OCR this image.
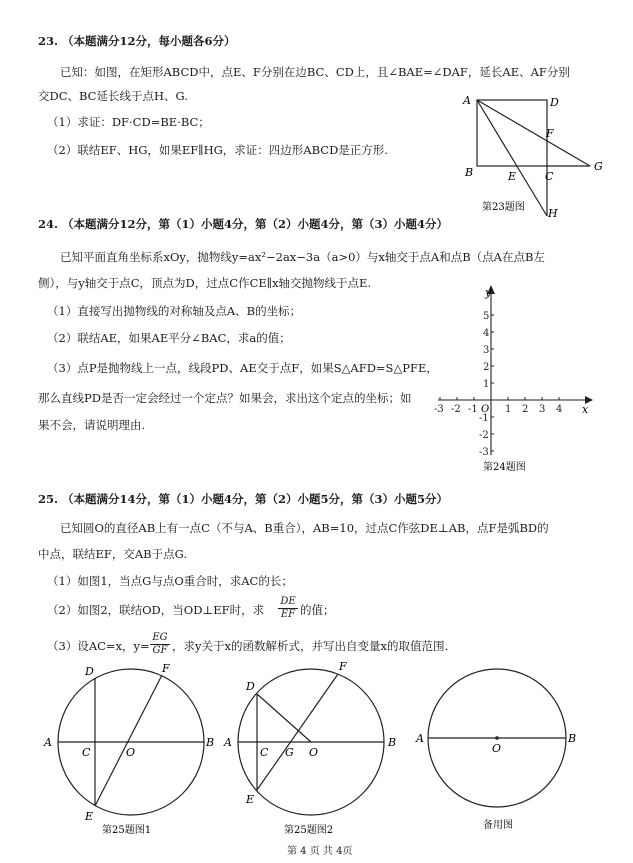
23. （本题满分12分，每小题各6分）
已知：如图，在矩形ABCD中，点E、F分别在边BC、CD上，且∠BAE=∠DAF，延长AE、AF分别
交DC、BC延长线于点H、G.
（1）求证：DF·CD=BE·BC；
（2）联结EF、HG，如果EF∥HG，求证：四边形ABCD是正方形.
A	D
F
G
B	E	C
H
第23题图
24. （本题满分12分，第（1）小题4分，第（2）小题4分，第（3）小题4分）
已知平面直角坐标系xOy，抛物线y=ax²−2ax−3a（a>0）与x轴交于点A和点B（点A在点B左
侧），与y轴交于点C，顶点为D，过点C作CE∥x轴交抛物线于点E.
（1）直接写出抛物线的对称轴及点A、B的坐标；
（2）联结AE，如果AE平分∠BAC，求a的值；
（3）点P是抛物线上一点，线段PD、AE交于点F，如果S△AFD=S△PFE，
那么直线PD是否一定会经过一个定点？如果会，求出这个定点的坐标；如
果不会，请说明理由.
-3 -2 -1	1 2 3 4
5
4
3
2
1
-1
-2
-3
y
x
O
第24题图
25. （本题满分14分，第（1）小题4分，第（2）小题5分，第（3）小题5分）
已知圆O的直径AB上有一点C（不与A、B重合），AB=10，过点C作弦DE⊥AB，点F是弧BD的
中点，联结EF，交AB于点G.
（1）如图1，当点G与点O重合时，求AC的长；
（2）如图2，联结OD，当OD⊥EF时，求 $\frac{DE}{EF}$ 的值；
（3）设AC=x，$y= \frac{EG}{GF}$ ，求y关于x的函数解析式，并写出自变量x的取值范围.
A	B
C	O
D
E
F
第25题图1
A	B
C G O
D
E
F
第25题图2
A	B
O
备用图
第 4 页 共 4页
